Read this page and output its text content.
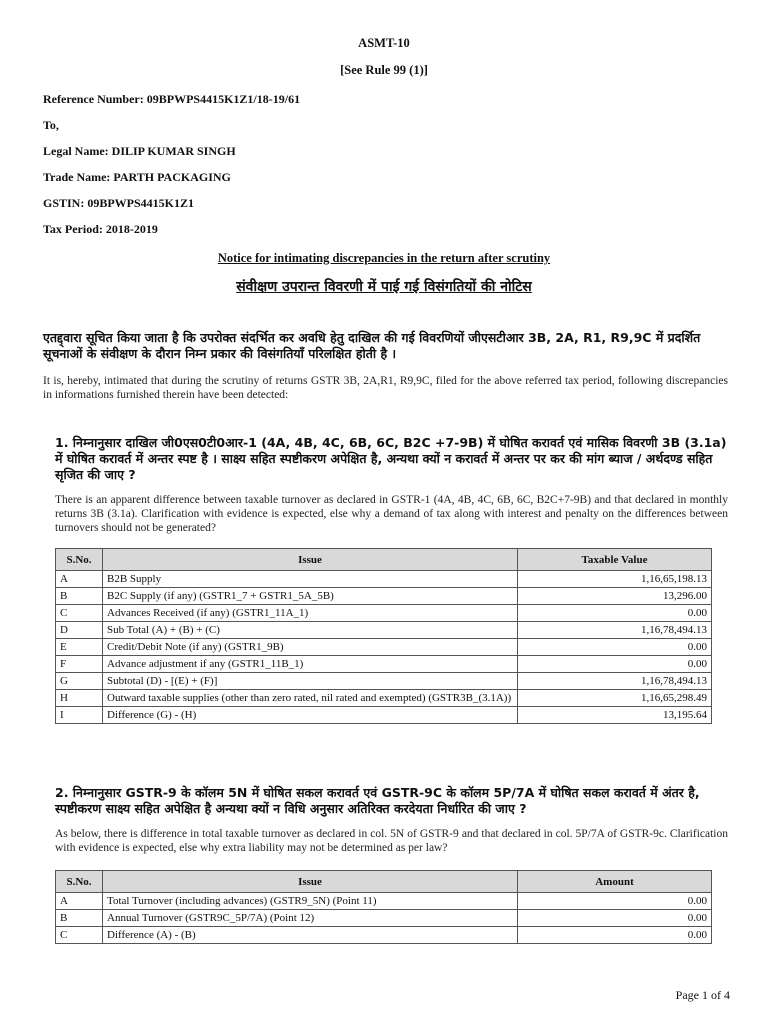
ASMT-10
[See Rule 99 (1)]
Reference Number: 09BPWPS4415K1Z1/18-19/61
To,
Legal Name: DILIP KUMAR SINGH
Trade Name: PARTH PACKAGING
GSTIN: 09BPWPS4415K1Z1
Tax Period: 2018-2019
Notice for intimating discrepancies in the return after scrutiny
संवीक्षण उपरान्त विवरणी में पाई गई विसंगतियों की नोटिस
एतद्द्वारा सूचित किया जाता है कि उपरोक्त संदर्भित कर अवधि हेतु दाखिल की गई विवरणियों जीएसटीआर 3B, 2A, R1, R9,9C में प्रदर्शित सूचनाओं के संवीक्षण के दौरान निम्न प्रकार की विसंगतियाँ परिलक्षित होती है ।
It is, hereby, intimated that during the scrutiny of returns GSTR 3B, 2A,R1, R9,9C, filed for the above referred tax period, following discrepancies in informations furnished therein have been detected:
1. निम्नानुसार दाखिल जी0एस0टी0आर-1 (4A, 4B, 4C, 6B, 6C, B2C +7-9B) में घोषित करावर्त एवं मासिक विवरणी 3B (3.1a) में घोषित करावर्त में अन्तर स्पष्ट है । साक्ष्य सहित स्पष्टीकरण अपेक्षित है, अन्यथा क्यों न करावर्त में अन्तर पर कर की मांग ब्याज / अर्थदण्ड सहित सृजित की जाए ?
There is an apparent difference between taxable turnover as declared in GSTR-1 (4A, 4B, 4C, 6B, 6C, B2C+7-9B) and that declared in monthly returns 3B (3.1a). Clarification with evidence is expected, else why a demand of tax along with interest and penalty on the differences between turnovers should not be generated?
S.No.	Issue	Taxable Value
A	B2B Supply	1,16,65,198.13
B	B2C Supply (if any) (GSTR1_7 + GSTR1_5A_5B)	13,296.00
C	Advances Received (if any) (GSTR1_11A_1)	0.00
D	Sub Total (A) + (B) + (C)	1,16,78,494.13
E	Credit/Debit Note (if any) (GSTR1_9B)	0.00
F	Advance adjustment if any (GSTR1_11B_1)	0.00
G	Subtotal (D) - [(E) + (F)]	1,16,78,494.13
H	Outward taxable supplies (other than zero rated, nil rated and exempted) (GSTR3B_(3.1A))	1,16,65,298.49
I	Difference (G) - (H)	13,195.64
2. निम्नानुसार GSTR-9 के कॉलम 5N में घोषित सकल करावर्त एवं GSTR-9C के कॉलम 5P/7A में घोषित सकल करावर्त में अंतर है, स्पष्टीकरण साक्ष्य सहित अपेक्षित है अन्यथा क्यों न विधि अनुसार अतिरिक्त करदेयता निर्धारित की जाए ?
As below, there is difference in total taxable turnover as declared in col. 5N of GSTR-9 and that declared in col. 5P/7A of GSTR-9c. Clarification with evidence is expected, else why extra liability may not be determined as per law?
S.No.	Issue	Amount
A	Total Turnover (including advances) (GSTR9_5N) (Point 11)	0.00
B	Annual Turnover (GSTR9C_5P/7A) (Point 12)	0.00
C	Difference (A) - (B)	0.00
Page 1 of 4
